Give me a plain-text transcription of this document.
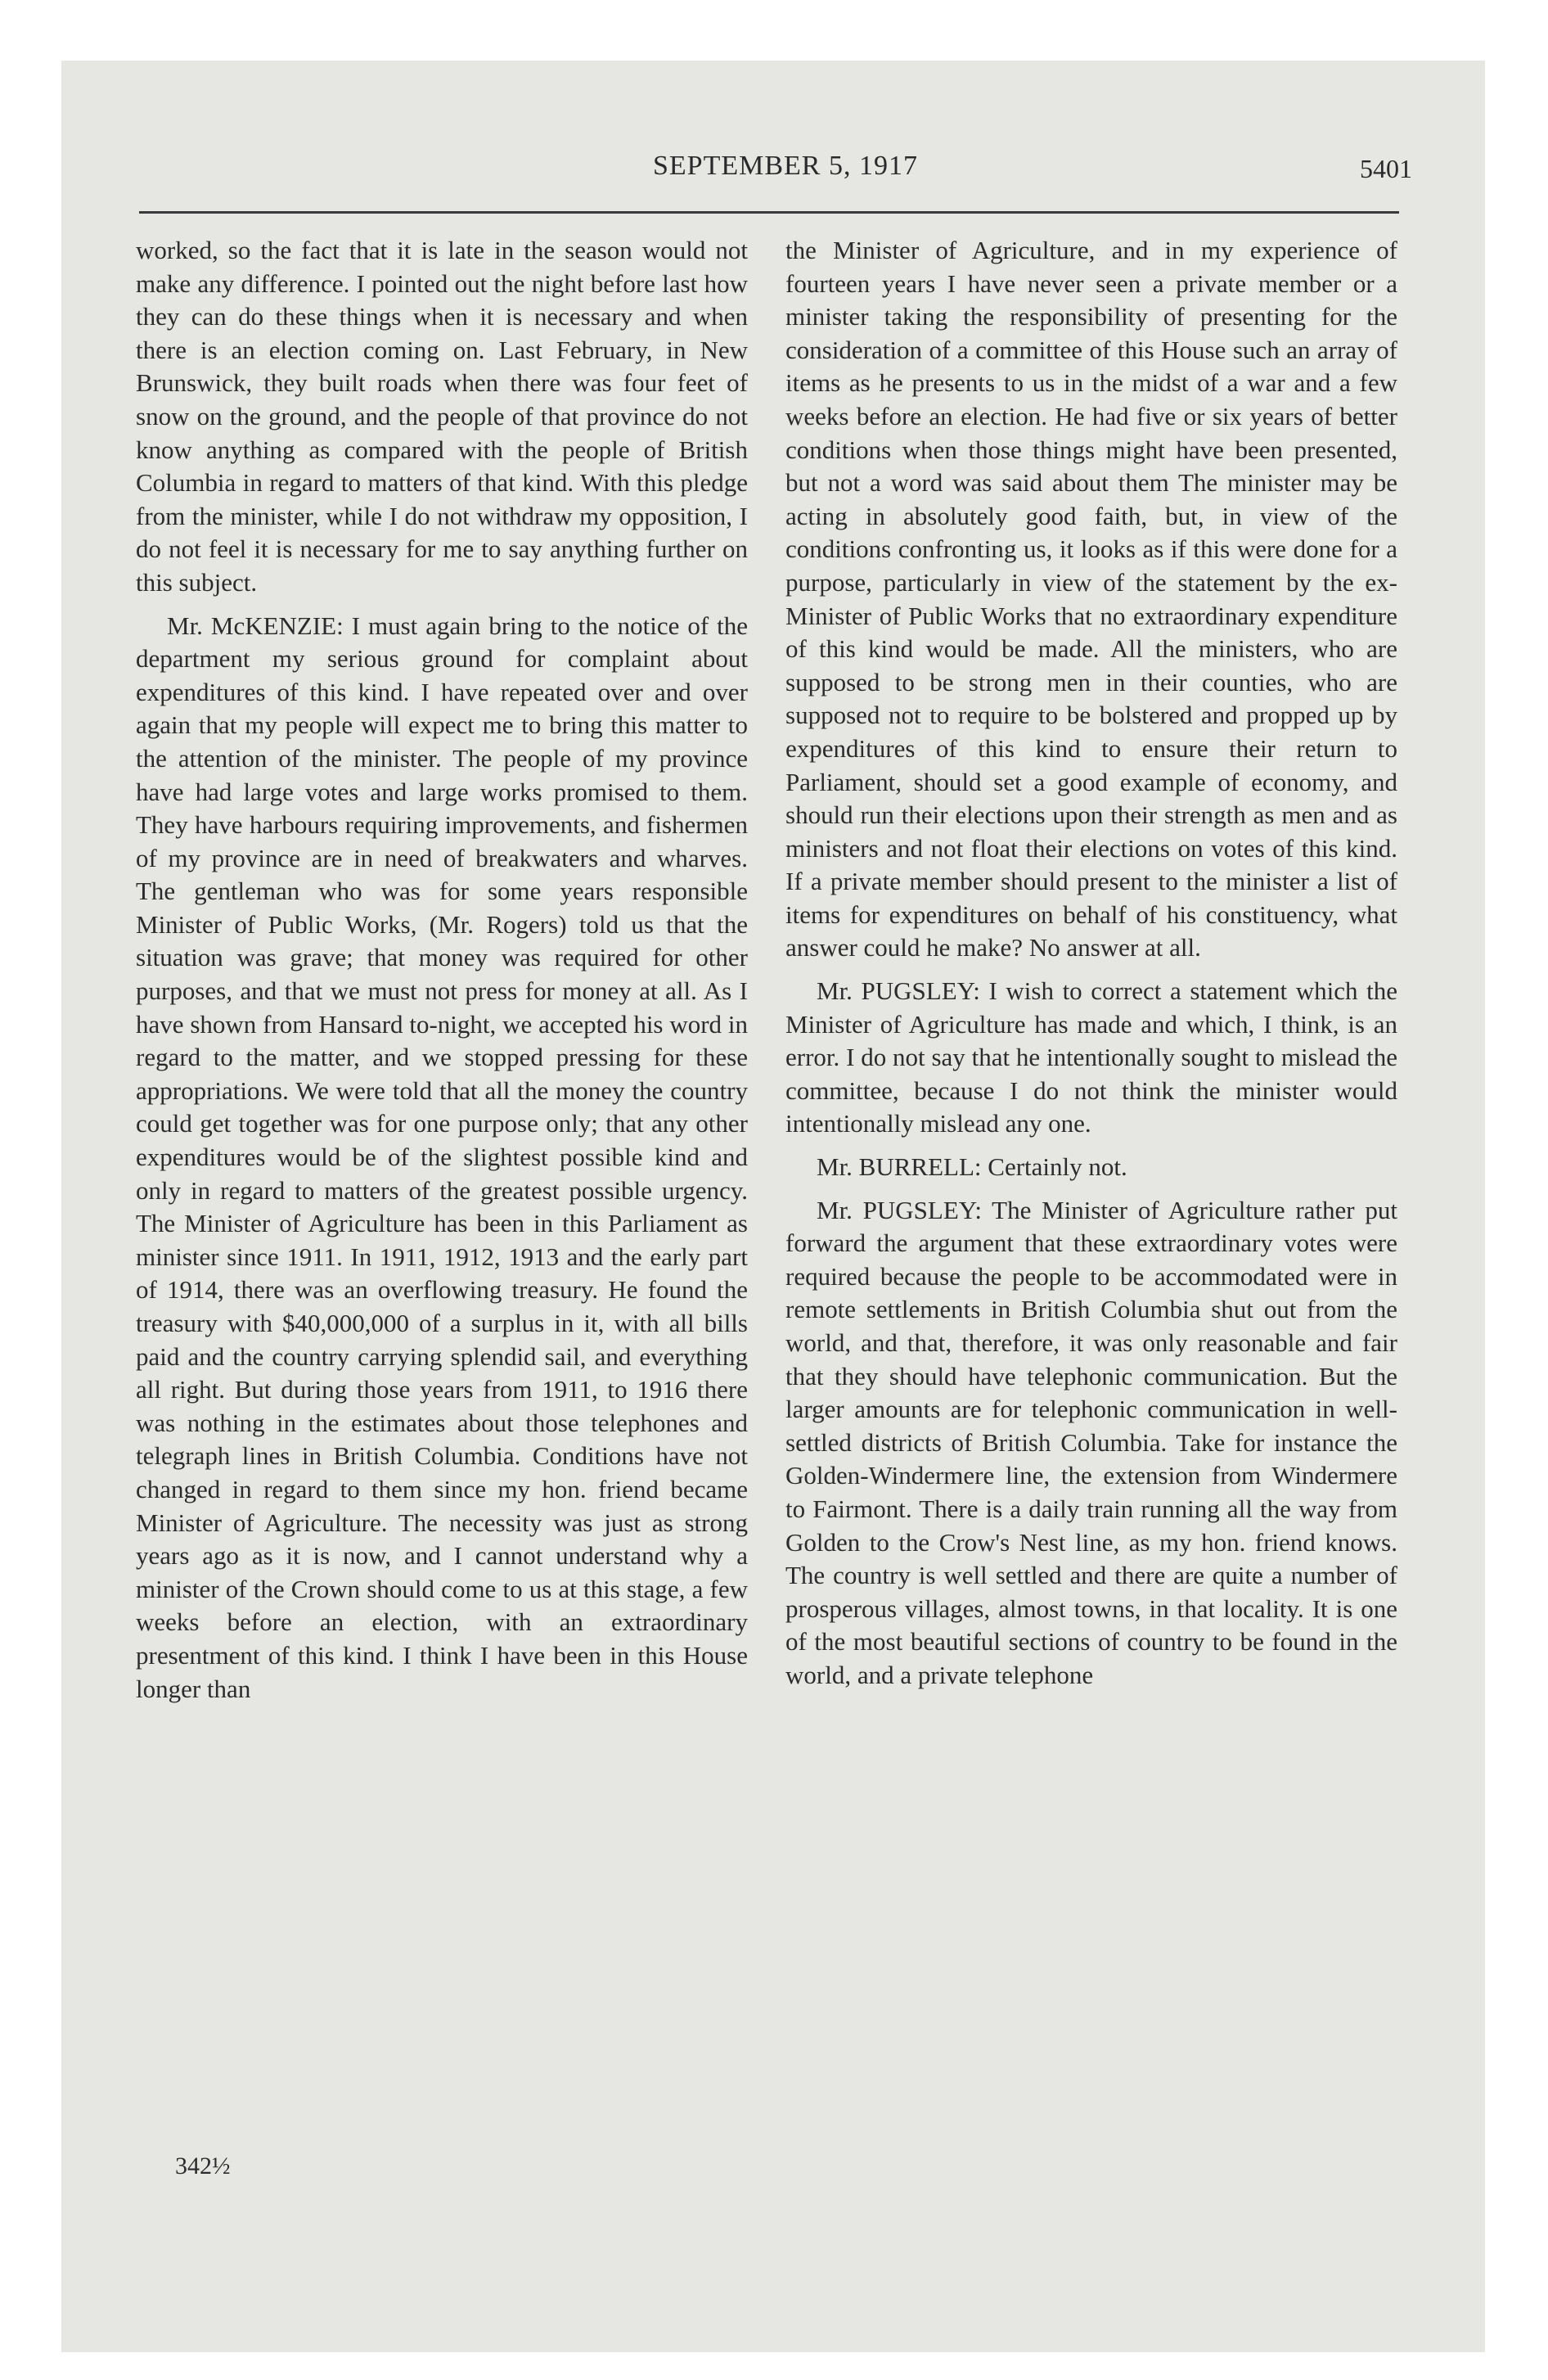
SEPTEMBER 5, 1917	5401

worked, so the fact that it is late in the season would not make any difference. I pointed out the night before last how they can do these things when it is necessary and when there is an election coming on. Last February, in New Brunswick, they built roads when there was four feet of snow on the ground, and the people of that province do not know anything as compared with the people of British Columbia in regard to matters of that kind. With this pledge from the minister, while I do not withdraw my opposition, I do not feel it is necessary for me to say anything further on this subject.

Mr. McKENZIE: I must again bring to the notice of the department my serious ground for complaint about expenditures of this kind. I have repeated over and over again that my people will expect me to bring this matter to the attention of the minister. The people of my province have had large votes and large works promised to them. They have harbours requiring improvements, and fishermen of my province are in need of breakwaters and wharves. The gentleman who was for some years responsible Minister of Public Works, (Mr. Rogers) told us that the situation was grave; that money was required for other purposes, and that we must not press for money at all. As I have shown from Hansard to-night, we accepted his word in regard to the matter, and we stopped pressing for these appropriations. We were told that all the money the country could get together was for one purpose only; that any other expenditures would be of the slightest possible kind and only in regard to matters of the greatest possible urgency. The Minister of Agriculture has been in this Parliament as minister since 1911. In 1911, 1912, 1913 and the early part of 1914, there was an overflowing treasury. He found the treasury with $40,000,000 of a surplus in it, with all bills paid and the country carrying splendid sail, and everything all right. But during those years from 1911, to 1916 there was nothing in the estimates about those telephones and telegraph lines in British Columbia. Conditions have not changed in regard to them since my hon. friend became Minister of Agriculture. The necessity was just as strong years ago as it is now, and I cannot understand why a minister of the Crown should come to us at this stage, a few weeks before an election, with an extraordinary presentment of this kind. I think I have been in this House longer than

the Minister of Agriculture, and in my experience of fourteen years I have never seen a private member or a minister taking the responsibility of presenting for the consideration of a committee of this House such an array of items as he presents to us in the midst of a war and a few weeks before an election. He had five or six years of better conditions when those things might have been presented, but not a word was said about them The minister may be acting in absolutely good faith, but, in view of the conditions confronting us, it looks as if this were done for a purpose, particularly in view of the statement by the ex-Minister of Public Works that no extraordinary expenditure of this kind would be made. All the ministers, who are supposed to be strong men in their counties, who are supposed not to require to be bolstered and propped up by expenditures of this kind to ensure their return to Parliament, should set a good example of economy, and should run their elections upon their strength as men and as ministers and not float their elections on votes of this kind. If a private member should present to the minister a list of items for expenditures on behalf of his constituency, what answer could he make? No answer at all.

Mr. PUGSLEY: I wish to correct a statement which the Minister of Agriculture has made and which, I think, is an error. I do not say that he intentionally sought to mislead the committee, because I do not think the minister would intentionally mislead any one.

Mr. BURRELL: Certainly not.

Mr. PUGSLEY: The Minister of Agriculture rather put forward the argument that these extraordinary votes were required because the people to be accommodated were in remote settlements in British Columbia shut out from the world, and that, therefore, it was only reasonable and fair that they should have telephonic communication. But the larger amounts are for telephonic communication in well-settled districts of British Columbia. Take for instance the Golden-Windermere line, the extension from Windermere to Fairmont. There is a daily train running all the way from Golden to the Crow's Nest line, as my hon. friend knows. The country is well settled and there are quite a number of prosperous villages, almost towns, in that locality. It is one of the most beautiful sections of country to be found in the world, and a private telephone

342½
